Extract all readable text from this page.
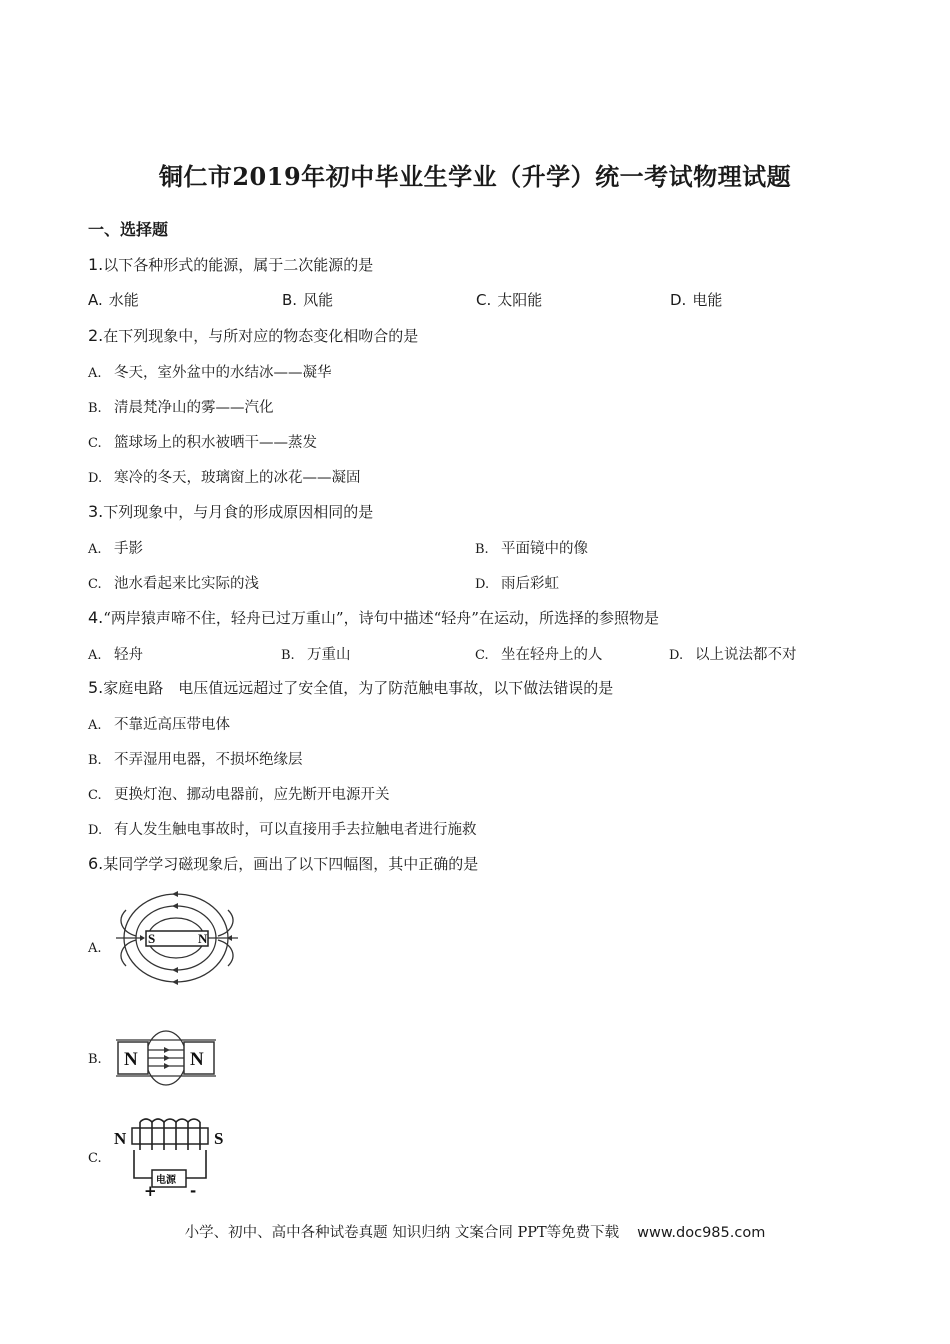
铜仁市2019年初中毕业生学业（升学）统一考试物理试题
一、选择题
1.以下各种形式的能源，属于二次能源的是
A. 水能	B. 风能	C. 太阳能	D. 电能
2.在下列现象中，与所对应的物态变化相吻合的是
A. 冬天，室外盆中的水结冰——凝华
B. 清晨梵净山的雾——汽化
C. 篮球场上的积水被晒干——蒸发
D. 寒冷的冬天，玻璃窗上的冰花——凝固
3.下列现象中，与月食的形成原因相同的是
A. 手影	B. 平面镜中的像
C. 池水看起来比实际的浅	D. 雨后彩虹
4.“两岸猿声啼不住，轻舟已过万重山”，诗句中描述“轻舟”在运动，所选择的参照物是
A. 轻舟	B. 万重山	C. 坐在轻舟上的人	D. 以上说法都不对
5.家庭电路　电压值远远超过了安全值，为了防范触电事故，以下做法错误的是
A. 不靠近高压带电体
B. 不弄湿用电器，不损坏绝缘层
C. 更换灯泡、挪动电器前，应先断开电源开关
D. 有人发生触电事故时，可以直接用手去拉触电者进行施救
6.某同学学习磁现象后，画出了以下四幅图，其中正确的是
A.
S	N
B. N	N
C.
N	S
电源
+ -
小学、初中、高中各种试卷真题 知识归纳 文案合同 PPT等免费下载 www.doc985.com
